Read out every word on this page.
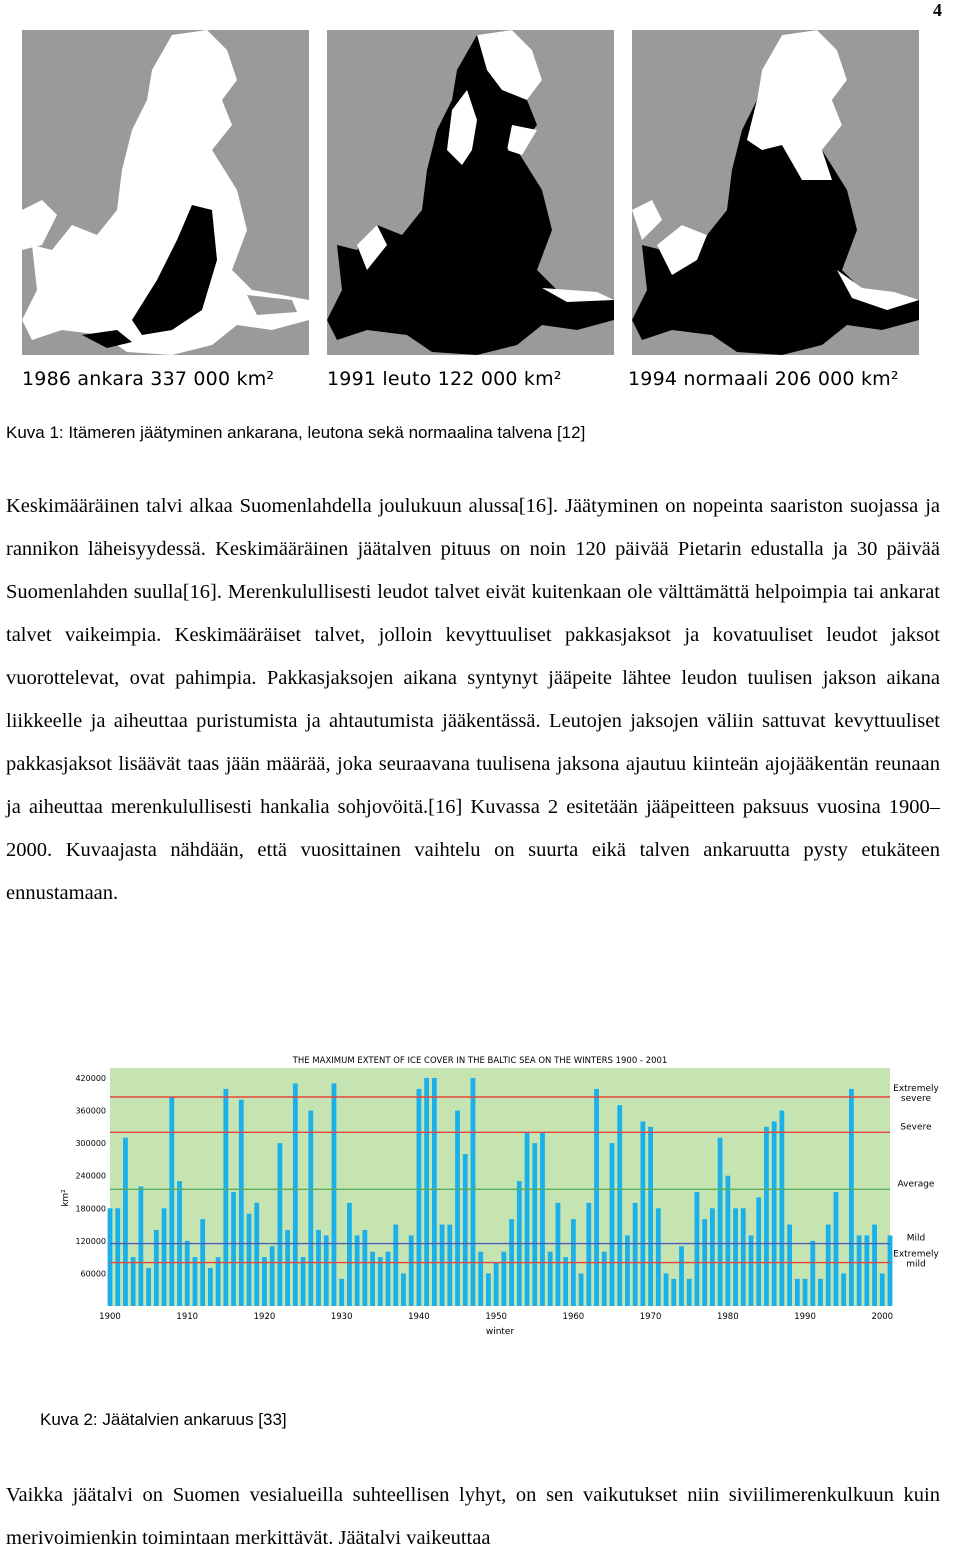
4
1986 ankara 337 000 km²	1991 leuto 122 000 km²	1994 normaali 206 000 km²
Kuva 1: Itämeren jäätyminen ankarana, leutona sekä normaalina talvena [12]

Keskimääräinen talvi alkaa Suomenlahdella joulukuun alussa[16]. Jäätyminen on nopeinta saariston suojassa ja rannikon läheisyydessä. Keskimääräinen jäätalven pituus on noin 120 päivää Pietarin edustalla ja 30 päivää Suomenlahden suulla[16]. Merenkulullisesti leudot talvet eivät kuitenkaan ole välttämättä helpoimpia tai ankarat talvet vaikeimpia. Keskimääräiset talvet, jolloin kevyttuuliset pakkasjaksot ja kovatuuliset leudot jaksot vuorottelevat, ovat pahimpia. Pakkasjaksojen aikana syntynyt jääpeite lähtee leudon tuulisen jakson aikana liikkeelle ja aiheuttaa puristumista ja ahtautumista jääkentässä. Leutojen jaksojen väliin sattuvat kevyttuuliset pakkasjaksot lisäävät taas jään määrää, joka seuraavana tuulisena jaksona ajautuu kiinteän ajojääkentän reunaan ja aiheuttaa merenkulullisesti hankalia sohjovöitä.[16] Kuvassa 2 esitetään jääpeitteen paksuus vuosina 1900–2000. Kuvaajasta nähdään, että vuosittainen vaihtelu on suurta eikä talven ankaruutta pysty etukäteen ennustamaan.

THE MAXIMUM EXTENT OF ICE COVER IN THE BALTIC SEA ON THE WINTERS 1900 - 2001
km²
winter
60000
120000
180000
240000
300000
360000
420000
1900	1910	1920	1930	1940	1950	1960	1970	1980	1990	2000
Extremely severe
Severe
Average
Mild
Extremely mild
Kuva 2: Jäätalvien ankaruus [33]

Vaikka jäätalvi on Suomen vesialueilla suhteellisen lyhyt, on sen vaikutukset niin siviilimerenkulkuun kuin merivoimienkin toimintaan merkittävät. Jäätalvi vaikeuttaa
